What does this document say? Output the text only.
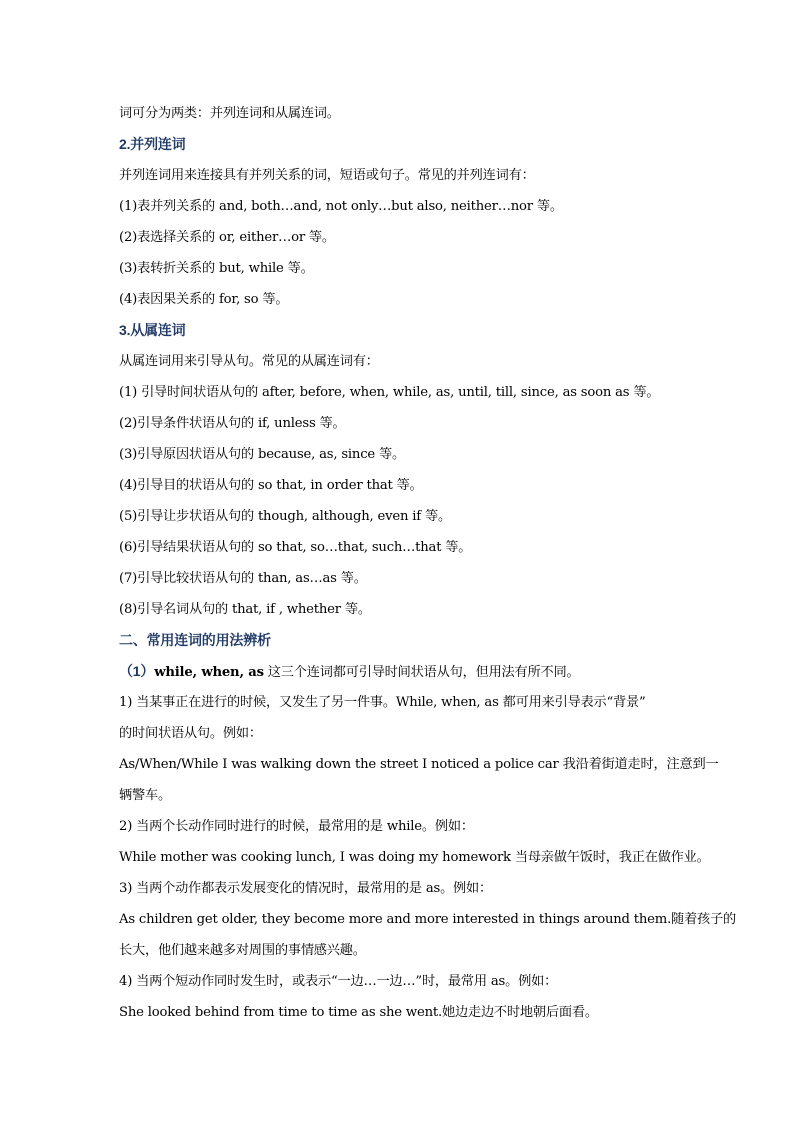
词可分为两类：并列连词和从属连词。
2.并列连词
并列连词用来连接具有并列关系的词，短语或句子。常见的并列连词有：
(1)表并列关系的 and, both…and, not only…but also, neither…nor 等。
(2)表选择关系的 or, either…or 等。
(3)表转折关系的 but, while 等。
(4)表因果关系的 for, so 等。
3.从属连词
从属连词用来引导从句。常见的从属连词有：
(1) 引导时间状语从句的 after, before, when, while, as, until, till, since, as soon as 等。
(2)引导条件状语从句的 if, unless 等。
(3)引导原因状语从句的 because, as, since 等。
(4)引导目的状语从句的 so that, in order that 等。
(5)引导让步状语从句的 though, although, even if 等。
(6)引导结果状语从句的 so that, so…that, such…that 等。
(7)引导比较状语从句的 than, as…as 等。
(8)引导名词从句的 that, if , whether 等。
二、常用连词的用法辨析
（1）while, when, as 这三个连词都可引导时间状语从句，但用法有所不同。
1) 当某事正在进行的时候，又发生了另一件事。While, when, as 都可用来引导表示“背景”
的时间状语从句。例如：
As/When/While I was walking down the street I noticed a police car 我沿着街道走时，注意到一
辆警车。
2) 当两个长动作同时进行的时候，最常用的是 while。例如：
While mother was cooking lunch, I was doing my homework 当母亲做午饭时，我正在做作业。
3) 当两个动作都表示发展变化的情况时，最常用的是 as。例如：
As children get older, they become more and more interested in things around them.随着孩子的
长大，他们越来越多对周围的事情感兴趣。
4) 当两个短动作同时发生时，或表示“一边…一边…”时，最常用 as。例如：
She looked behind from time to time as she went.她边走边不时地朝后面看。
